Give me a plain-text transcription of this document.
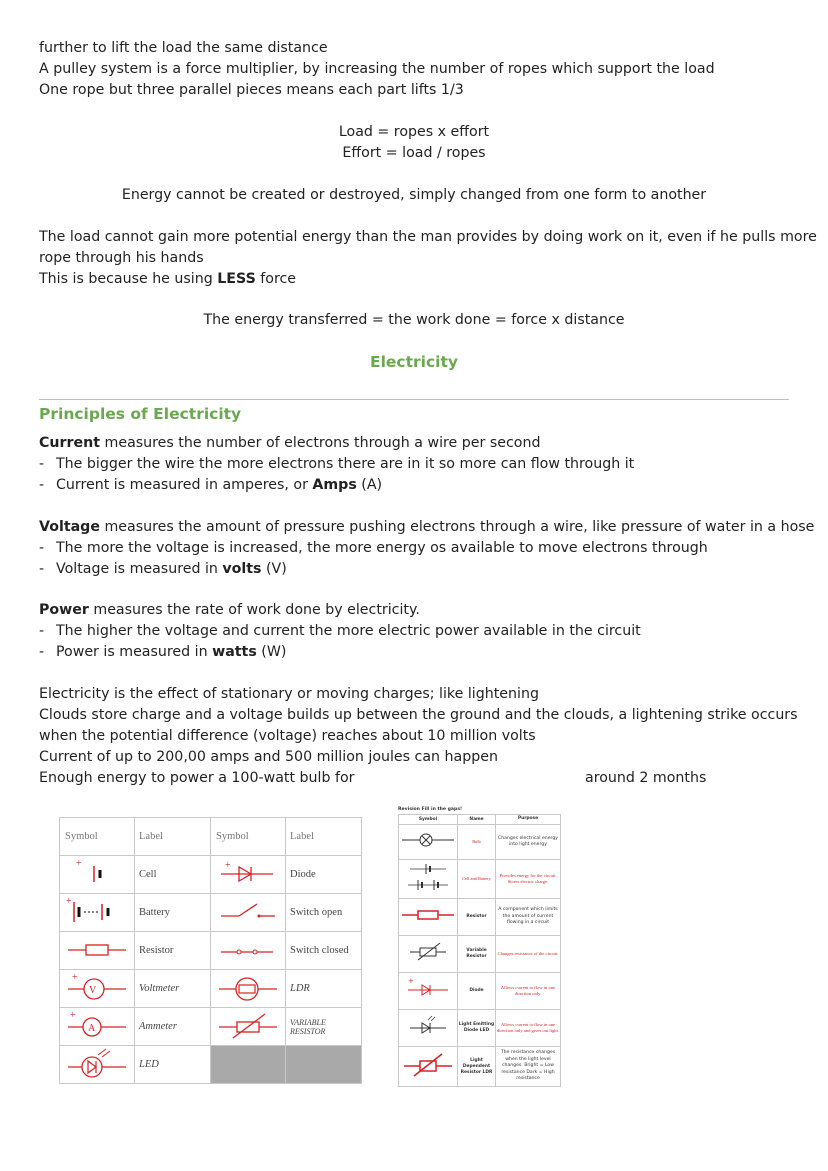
further to lift the load the same distance
A pulley system is a force multiplier, by increasing the number of ropes which support the load
One rope but three parallel pieces means each part lifts 1/3
Load = ropes x effort
Effort = load / ropes
Energy cannot be created or destroyed, simply changed from one form to another
The load cannot gain more potential energy than the man provides by doing work on it, even if he pulls more
rope through his hands
This is because he using LESS force
The energy transferred = the work done = force x distance
Electricity
Principles of Electricity
Current measures the number of electrons through a wire per second
- The bigger the wire the more electrons there are in it so more can flow through it
- Current is measured in amperes, or Amps (A)
Voltage measures the amount of pressure pushing electrons through a wire, like pressure of water in a hose
- The more the voltage is increased, the more energy os available to move electrons through
- Voltage is measured in volts (V)
Power measures the rate of work done by electricity.
- The higher the voltage and current the more electric power available in the circuit
- Power is measured in watts (W)
Electricity is the effect of stationary or moving charges; like lightening
Clouds store charge and a voltage builds up between the ground and the clouds, a lightening strike occurs
when the potential difference (voltage) reaches about 10 million volts
Current of up to 200,00 amps and 500 million joules can happen
Enough energy to power a 100-watt bulb for	around 2 months
Symbol	Label	Symbol	Label

+	Cell	+	Diode

+	Battery		Switch open
	Resistor		Switch closed

+
V	Voltmeter		LDR

+
A	Ammeter		VARIABLE RESISTOR
	LED		
Revision Fill in the gaps!
Symbol	Name	Purpose
	Bulb	Changes electrical energy into light energy
	Cell and Battery	Provides energy for the circuit. Stores electric charge.
	Resistor	A component which limits the amount of current flowing in a circuit
	Variable Resistor	Changes resistance of the circuit.

+	Diode	Allows current to flow in one direction only.
	Light Emitting Diode LED	Allows current to flow in one direction only and gives out light.
	Light Dependent Resistor LDR	The resistance changes when the light level changes. Bright = Low resistance Dark = High resistance
